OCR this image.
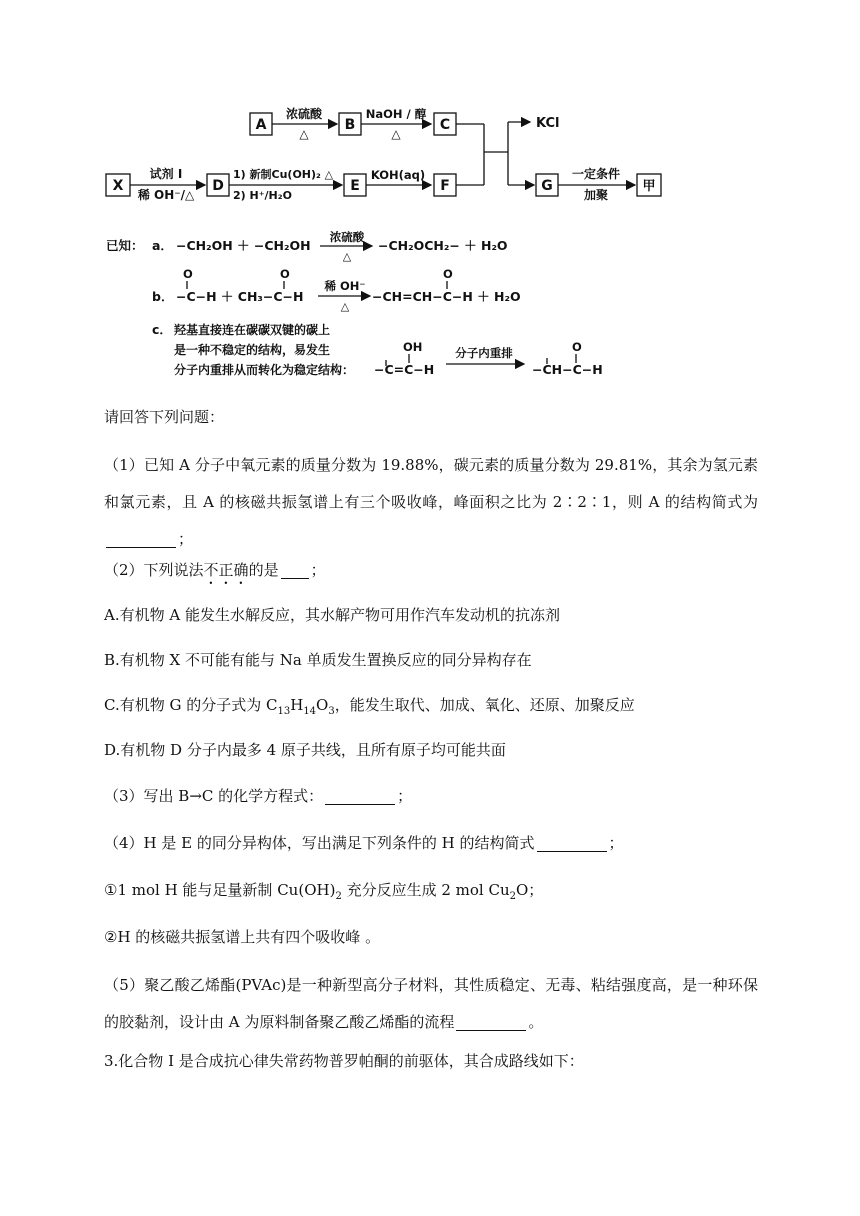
A
浓硫酸
△
B
NaOH / 醇
△
C
X
试剂 I
稀 OH⁻/△
D
1) 新制Cu(OH)₂ △
2) H⁺/H₂O
E
KOH(aq)
F
KCl
G
一定条件
加聚
甲
已知： a． −CH₂OH ＋ −CH₂OH
浓硫酸
△
−CH₂OCH₂− ＋ H₂O
O	O
b． −C−H ＋ CH₃−C−H
稀 OH⁻
△
O
−CH=CH−C−H ＋ H₂O
c． 羟基直接连在碳碳双键的碳上
是一种不稳定的结构，易发生
分子内重排从而转化为稳定结构：
OH
−C=C−H
分子内重排	O
−CH−C−H
请回答下列问题：
（1）已知 A 分子中氧元素的质量分数为 19.88%，碳元素的质量分数为 29.81%，其余为氢元素和氯元素，且 A 的核磁共振氢谱上有三个吸收峰，峰面积之比为 2∶2∶1，则 A 的结构简式为；
（2）下列说法不正确的是 ；
A.有机物 A 能发生水解反应，其水解产物可用作汽车发动机的抗冻剂
B.有机物 X 不可能有能与 Na 单质发生置换反应的同分异构存在
C.有机物 G 的分子式为 $C_{13}H_{14}O_3$，能发生取代、加成、氧化、还原、加聚反应
D.有机物 D 分子内最多 4 原子共线，且所有原子均可能共面
（3）写出 B→C 的化学方程式：	；
（4）H 是 E 的同分异构体，写出满足下列条件的 H 的结构简式	；
①1 mol H 能与足量新制 $Cu(OH)_2$ 充分反应生成 2 mol $Cu_2O$；
②H 的核磁共振氢谱上共有四个吸收峰 。
（5）聚乙酸乙烯酯(PVAc)是一种新型高分子材料，其性质稳定、无毒、粘结强度高，是一种环保的胶黏剂，设计由 A 为原料制备聚乙酸乙烯酯的流程	。
3.化合物 I 是合成抗心律失常药物普罗帕酮的前驱体，其合成路线如下：
